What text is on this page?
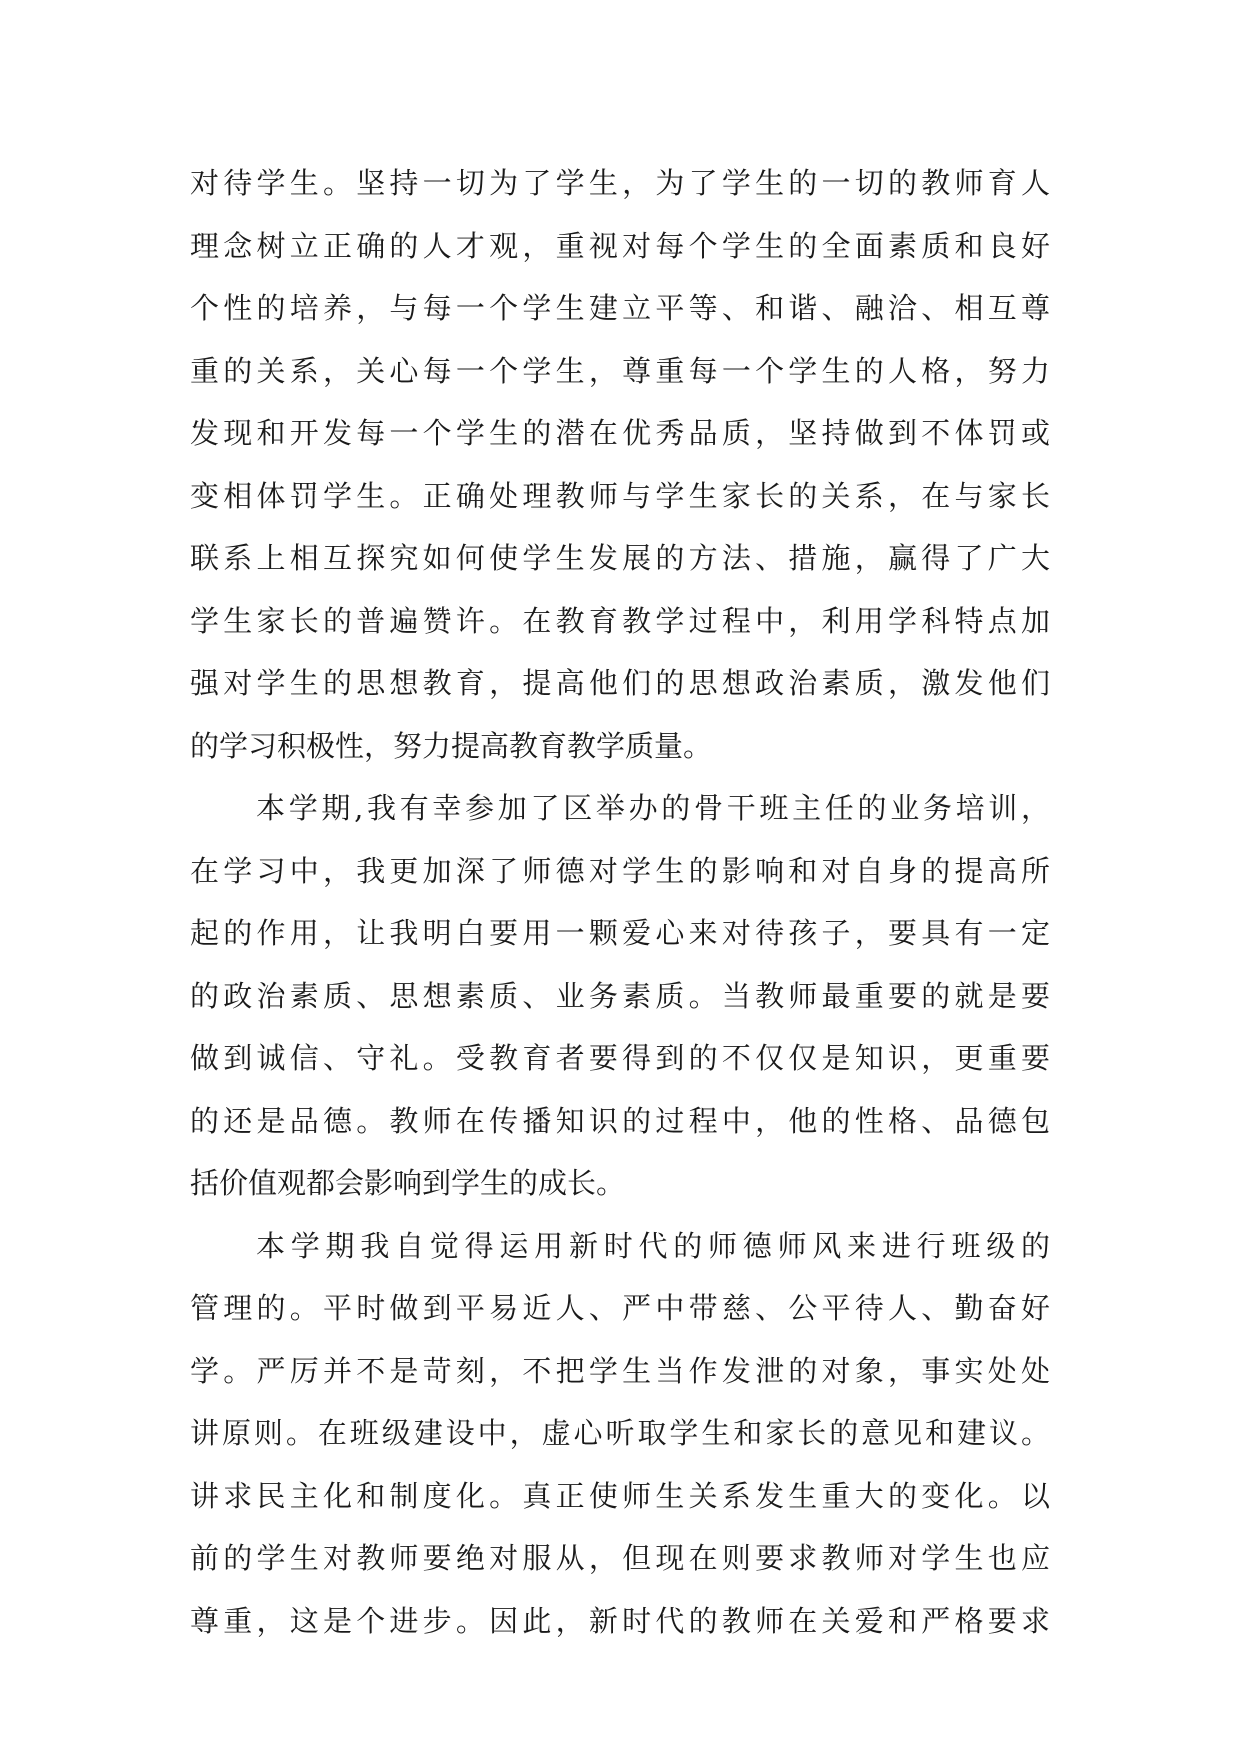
对待学生。坚持一切为了学生，为了学生的一切的教师育人
理念树立正确的人才观，重视对每个学生的全面素质和良好
个性的培养，与每一个学生建立平等、和谐、融洽、相互尊
重的关系，关心每一个学生，尊重每一个学生的人格，努力
发现和开发每一个学生的潜在优秀品质，坚持做到不体罚或
变相体罚学生。正确处理教师与学生家长的关系，在与家长
联系上相互探究如何使学生发展的方法、措施，赢得了广大
学生家长的普遍赞许。在教育教学过程中，利用学科特点加
强对学生的思想教育，提高他们的思想政治素质，激发他们
的学习积极性，努力提高教育教学质量。
本学期,我有幸参加了区举办的骨干班主任的业务培训，
在学习中，我更加深了师德对学生的影响和对自身的提高所
起的作用，让我明白要用一颗爱心来对待孩子，要具有一定
的政治素质、思想素质、业务素质。当教师最重要的就是要
做到诚信、守礼。受教育者要得到的不仅仅是知识，更重要
的还是品德。教师在传播知识的过程中，他的性格、品德包
括价值观都会影响到学生的成长。
本学期我自觉得运用新时代的师德师风来进行班级的
管理的。平时做到平易近人、严中带慈、公平待人、勤奋好
学。严厉并不是苛刻，不把学生当作发泄的对象，事实处处
讲原则。在班级建设中，虚心听取学生和家长的意见和建议。
讲求民主化和制度化。真正使师生关系发生重大的变化。以
前的学生对教师要绝对服从，但现在则要求教师对学生也应
尊重，这是个进步。因此，新时代的教师在关爱和严格要求
